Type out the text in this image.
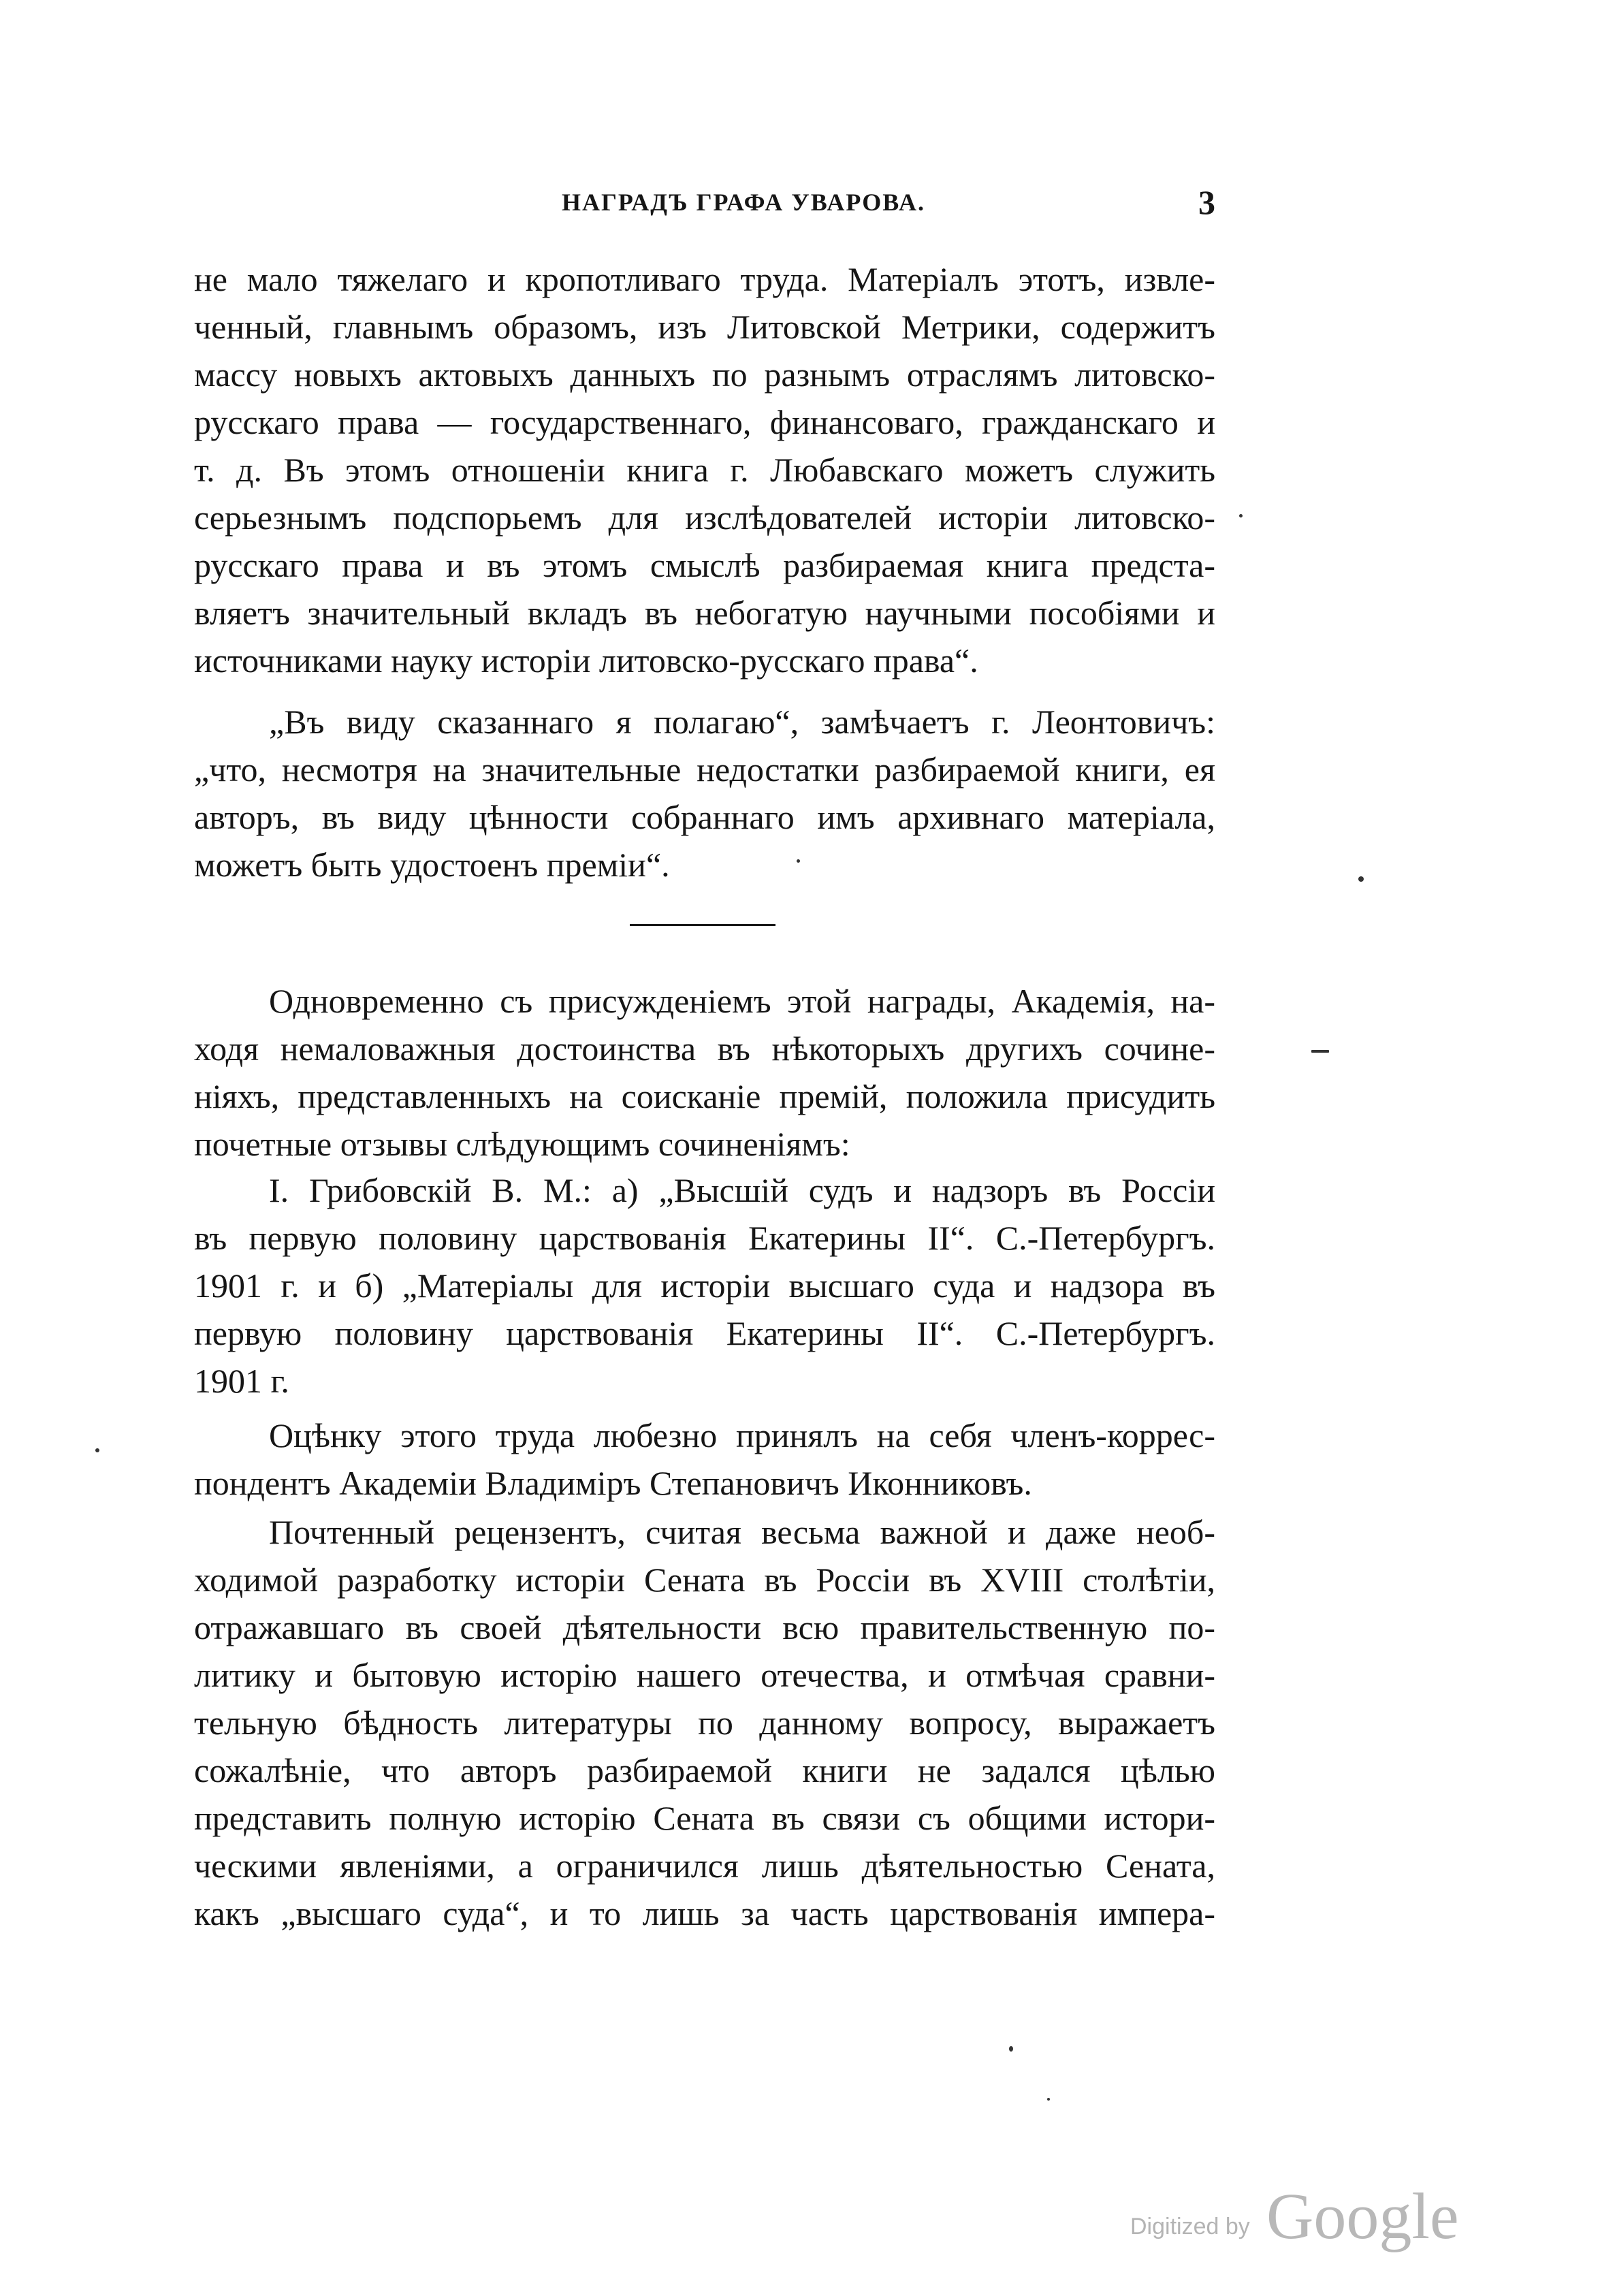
НАГРАДЪ ГРАФА УВАРОВА.	3
не мало тяжелаго и кропотливаго труда. Матеріалъ этотъ, извле-
ченный, главнымъ образомъ, изъ Литовской Метрики, содержитъ
массу новыхъ актовыхъ данныхъ по разнымъ отраслямъ литовско-
русскаго права — государственнаго, финансоваго, гражданскаго и
т. д. Въ этомъ отношеніи книга г. Любавскаго можетъ служить
серьезнымъ подспорьемъ для изслѣдователей исторіи литовско-
русскаго права и въ этомъ смыслѣ разбираемая книга предста-
вляетъ значительный вкладъ въ небогатую научными пособіями и
источниками науку исторіи литовско-русскаго права“.
„Въ виду сказаннаго я полагаю“, замѣчаетъ г. Леонтовичъ:
„что, несмотря на значительные недостатки разбираемой книги, ея
авторъ, въ виду цѣнности собраннаго имъ архивнаго матеріала,
можетъ быть удостоенъ преміи“.
Одновременно съ присужденіемъ этой награды, Академія, на-
ходя немаловажныя достоинства въ нѣкоторыхъ другихъ сочине-
ніяхъ, представленныхъ на соисканіе премій, положила присудить
почетные отзывы слѣдующимъ сочиненіямъ:
I. Грибовскій В. М.: а) „Высшій судъ и надзоръ въ Россіи
въ первую половину царствованія Екатерины II“. С.-Петербургъ.
1901 г. и б) „Матеріалы для исторіи высшаго суда и надзора въ
первую половину царствованія Екатерины II“. С.-Петербургъ.
1901 г.
Оцѣнку этого труда любезно принялъ на себя членъ-коррес-
пондентъ Академіи Владиміръ Степановичъ Иконниковъ.
Почтенный рецензентъ, считая весьма важной и даже необ-
ходимой разработку исторіи Сената въ Россіи въ XVIII столѣтіи,
отражавшаго въ своей дѣятельности всю правительственную по-
литику и бытовую исторію нашего отечества, и отмѣчая сравни-
тельную бѣдность литературы по данному вопросу, выражаетъ
сожалѣніе, что авторъ разбираемой книги не задался цѣлью
представить полную исторію Сената въ связи съ общими истори-
ческими явленіями, а ограничился лишь дѣятельностью Сената,
какъ „высшаго суда“, и то лишь за часть царствованія импера-
Digitized by Google
